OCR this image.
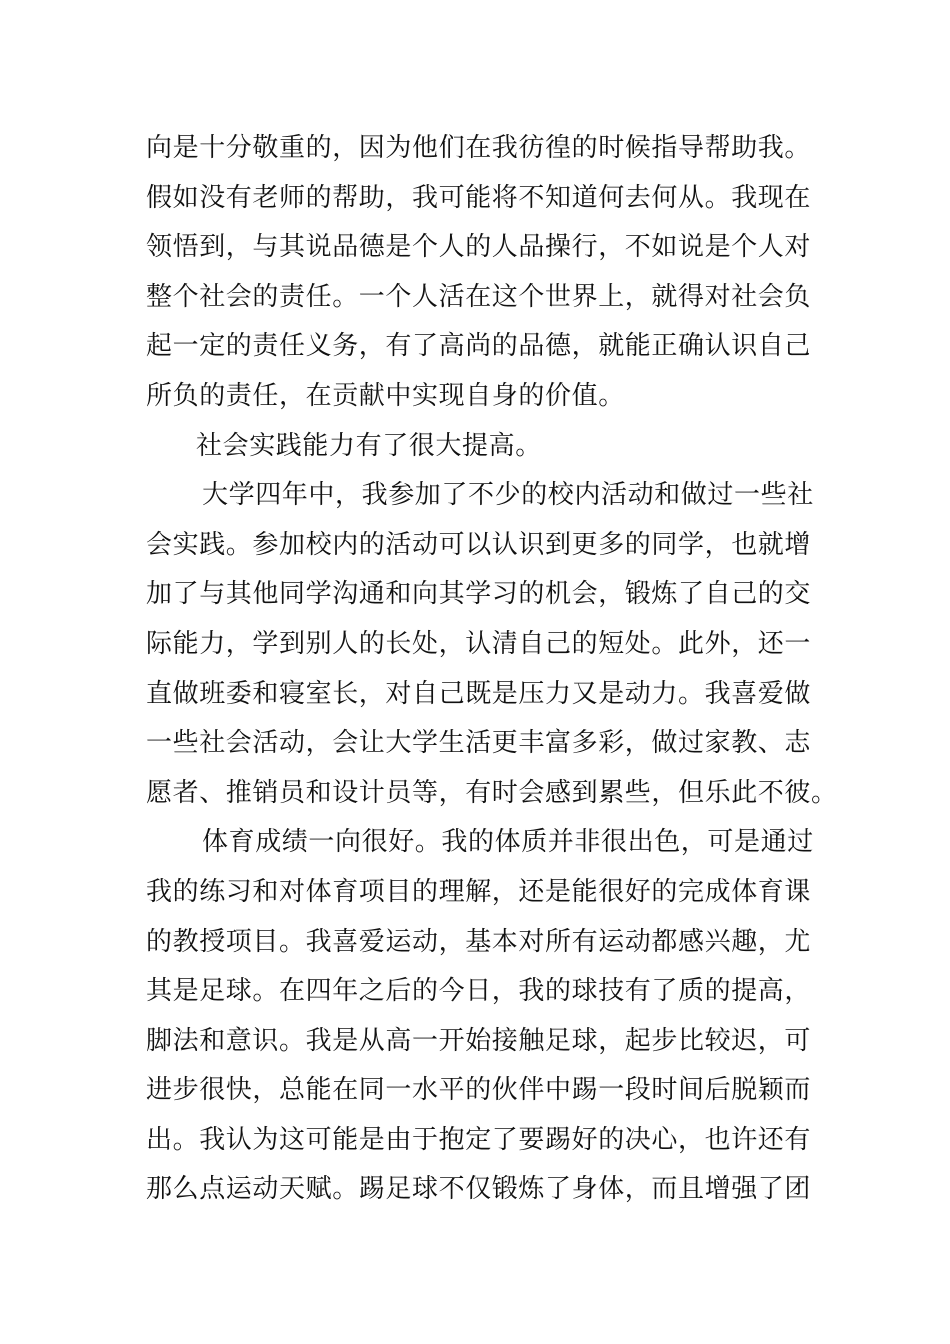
向是十分敬重的，因为他们在我彷徨的时候指导帮助我。
假如没有老师的帮助，我可能将不知道何去何从。我现在
领悟到，与其说品德是个人的人品操行，不如说是个人对
整个社会的责任。一个人活在这个世界上，就得对社会负
起一定的责任义务，有了高尚的品德，就能正确认识自己
所负的责任，在贡献中实现自身的价值。
社会实践能力有了很大提高。
大学四年中，我参加了不少的校内活动和做过一些社
会实践。参加校内的活动可以认识到更多的同学，也就增
加了与其他同学沟通和向其学习的机会，锻炼了自己的交
际能力，学到别人的长处，认清自己的短处。此外，还一
直做班委和寝室长，对自己既是压力又是动力。我喜爱做
一些社会活动，会让大学生活更丰富多彩，做过家教、志
愿者、推销员和设计员等，有时会感到累些，但乐此不彼。
体育成绩一向很好。我的体质并非很出色，可是通过
我的练习和对体育项目的理解，还是能很好的完成体育课
的教授项目。我喜爱运动，基本对所有运动都感兴趣，尤
其是足球。在四年之后的今日，我的球技有了质的提高，
脚法和意识。我是从高一开始接触足球，起步比较迟，可
进步很快，总能在同一水平的伙伴中踢一段时间后脱颖而
出。我认为这可能是由于抱定了要踢好的决心，也许还有
那么点运动天赋。踢足球不仅锻炼了身体，而且增强了团
